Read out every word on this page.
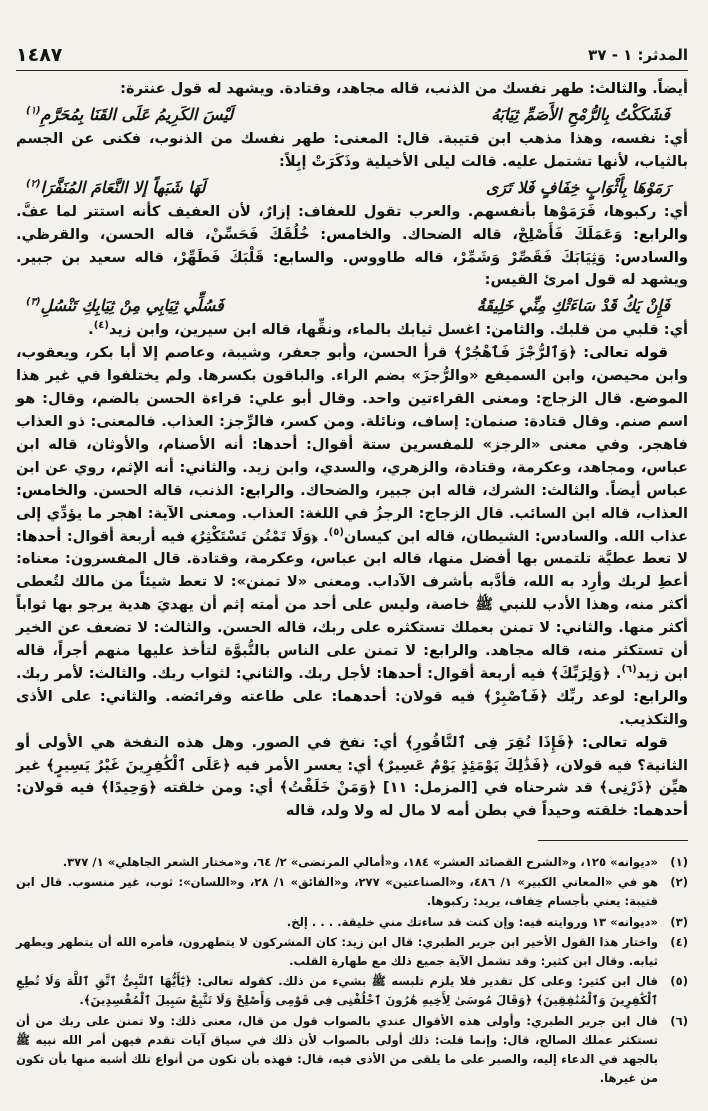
المدثر: ١ - ٣٧
١٤٨٧

أيضاً. والثالث: طهر نفسك من الذنب، قاله مجاهد، وقتادة. ويشهد له قول عنترة:

فَشَكَكْتُ بِالرُّمْحِ الأَصَمِّ ثِيَابَهُ
لَيْسَ الكَرِيمُ عَلَى القَنَا بِمُحَرَّمِ$^{(١)}$

أي: نفسه، وهذا مذهب ابن قتيبة. قال: المعنى: طهر نفسك من الذنوب، فكنى عن الجسم بالثياب، لأنها تشتمل عليه. قالت ليلى الأخيلية وذَكَرَتْ إبِلاً:

رَمَوْهَا بِأَثْوَابٍ خِفَافٍ فَلا تَرَى
لَهَا شَبَهاً إلا النَّعَامَ المُنَفَّرَا$^{(٢)}$

أي: ركبوها، فَرَمَوْها بأنفسهم. والعرب تقول للعفاف: إزارٌ، لأن العفيف كأنه استتر لما عفَّ. والرابع: وَعَمَلَكَ فَأَصْلِحْ، قاله الضحاك. والخامس: خُلُقَكَ فَحَسِّنْ، قاله الحسن، والقرظي. والسادس: وَثِيَابَكَ فَقَصِّرْ وَشَمِّرْ، قاله طاووس. والسابع: قَلْبَكَ فَطَهِّرْ، قاله سعيد بن جبير. ويشهد له قول امرئ القيس:

فَإِنْ يَكُ قَدْ سَاءَتْكِ مِنِّي خَلِيقَةٌ
فَسُلِّي ثِيَابِي مِنْ ثِيَابِكِ تَنْسُلِ$^{(٣)}$

أي: قلبي من قلبك. والثامن: اغسل ثيابك بالماء، ونقِّها، قاله ابن سيرين، وابن زيد$^{(٤)}$.

قوله تعالى: ﴿وَٱلرُّجْزَ فَٱهْجُرْ﴾ قرأ الحسن، وأبو جعفر، وشيبة، وعاصم إلا أبا بكر، ويعقوب، وابن محيصن، وابن السميفع «والرُّجزَ» بضم الراء. والباقون بكسرها. ولم يختلفوا في غير هذا الموضع. قال الزجاج: ومعنى القراءتين واحد. وقال أبو علي: قراءة الحسن بالضم، وقال: هو اسم صنم. وقال قتادة: صنمان: إساف، ونائلة. ومن كسر، فالرِّجز: العذاب. فالمعنى: ذو العذاب فاهجر. وفي معنى «الرجز» للمفسرين ستة أقوال: أحدها: أنه الأصنام، والأوثان، قاله ابن عباس، ومجاهد، وعكرمة، وقتادة، والزهري، والسدي، وابن زيد. والثاني: أنه الإثم، روي عن ابن عباس أيضاً. والثالث: الشرك، قاله ابن جبير، والضحاك. والرابع: الذنب، قاله الحسن. والخامس: العذاب، قاله ابن السائب. قال الزجاج: الرجزُ في اللغة: العذاب. ومعنى الآية: اهجر ما يؤدِّي إلى عذاب الله. والسادس: الشيطان، قاله ابن كيسان$^{(٥)}$. ﴿وَلَا تَمْنُن تَسْتَكْثِرُ﴾ فيه أربعة أقوال: أحدها: لا تعط عطيَّة تلتمس بها أفضل منها، قاله ابن عباس، وعكرمة، وقتادة. قال المفسرون: معناه: أعطِ لربك وأرِد به الله، فأدَّبه بأشرف الآداب. ومعنى «لا تمنن»: لا تعط شيئاً من مالك لتُعطى أكثر منه، وهذا الأدب للنبي ﷺ خاصة، وليس على أحد من أمته إثم أن يهديَ هدية يرجو بها ثواباً أكثر منها. والثاني: لا تمنن بعملك تستكثره على ربك، قاله الحسن. والثالث: لا تضعف عن الخير أن تستكثر منه، قاله مجاهد. والرابع: لا تمنن على الناس بالنُّبوَّة لتأخذ عليها منهم أجراً، قاله ابن زيد$^{(٦)}$. ﴿وَلِرَبِّكَ﴾ فيه أربعة أقوال: أحدها: لأجل ربك. والثاني: لثواب ربك. والثالث: لأمر ربك. والرابع: لوعد ربِّك ﴿فَٱصْبِرْ﴾ فيه قولان: أحدهما: على طاعته وفرائضه. والثاني: على الأذى والتكذيب.

قوله تعالى: ﴿فَإِذَا نُقِرَ فِى ٱلنَّاقُورِ﴾ أي: نفخ في الصور. وهل هذه النفخة هي الأولى أو الثانية؟ فيه قولان، ﴿فَذَٰلِكَ يَوْمَئِذٍ يَوْمٌ عَسِيرٌ﴾ أي: يعسر الأمر فيه ﴿عَلَى ٱلْكَٰفِرِينَ غَيْرُ يَسِيرٍ﴾ غير هيِّن ﴿ذَرْنِى﴾ قد شرحناه في [المزمل: ١١] ﴿وَمَنْ خَلَقْتُ﴾ أي: ومن خلقته ﴿وَحِيدًا﴾ فيه قولان: أحدهما: خلقته وحيداً في بطن أمه لا مال له ولا ولد، قاله

(١)
«ديوانه» ١٢٥، و«الشرح القصائد العشر» ١٨٤، و«أمالي المرتضى» ٢/ ٦٤، و«مختار الشعر الجاهلي» ١/ ٣٧٧.
(٢)
هو في «المعاني الكبير» ١/ ٤٨٦، و«الصناعتين» ٢٧٧، و«الفائق» ١/ ٢٨، و«اللسان»: ثوب، غير منسوب. قال ابن قتيبة: يعني بأجسام خِفاف، يريد: ركبوها.
(٣)
«ديوانه» ١٣ وروايته فيه: وإن كنت قد ساءتك مني خليقة. . . . إلخ.
(٤)
واختار هذا القول الأخير ابن جرير الطبري: قال ابن زيد: كان المشركون لا يتطهرون، فأمره الله أن يتطهر ويطهر ثيابه. وقال ابن كثير: وقد تشمل الآية جميع ذلك مع طهارة القلب.
(٥)
قال ابن كثير: وعلى كل تقدير فلا يلزم تلبسه ﷺ بشيء من ذلك. كقوله تعالى: ﴿يَٰٓأَيُّهَا ٱلنَّبِىُّ ٱتَّقِ ٱللَّهَ وَلَا تُطِعِ ٱلْكَٰفِرِينَ وَٱلْمُنَٰفِقِينَ﴾ ﴿وَقَالَ مُوسَىٰ لِأَخِيهِ هَٰرُونَ ٱخْلُفْنِى فِى قَوْمِى وَأَصْلِحْ وَلَا تَتَّبِعْ سَبِيلَ ٱلْمُفْسِدِينَ﴾.
(٦)
قال ابن جرير الطبري: وأولى هذه الأقوال عندي بالصواب قول من قال، معنى ذلك: ولا تمنن على ربك من أن تستكثر عملك الصالح، قال: وإنما قلت: ذلك أولى بالصواب لأن ذلك في سياق آيات تقدم فيهن أمر الله نبيه ﷺ بالجهد في الدعاء إليه، والصبر على ما يلقى من الأذى فيه، قال: فهذه بأن تكون من أنواع تلك أشبه منها بأن تكون من غيرها.
